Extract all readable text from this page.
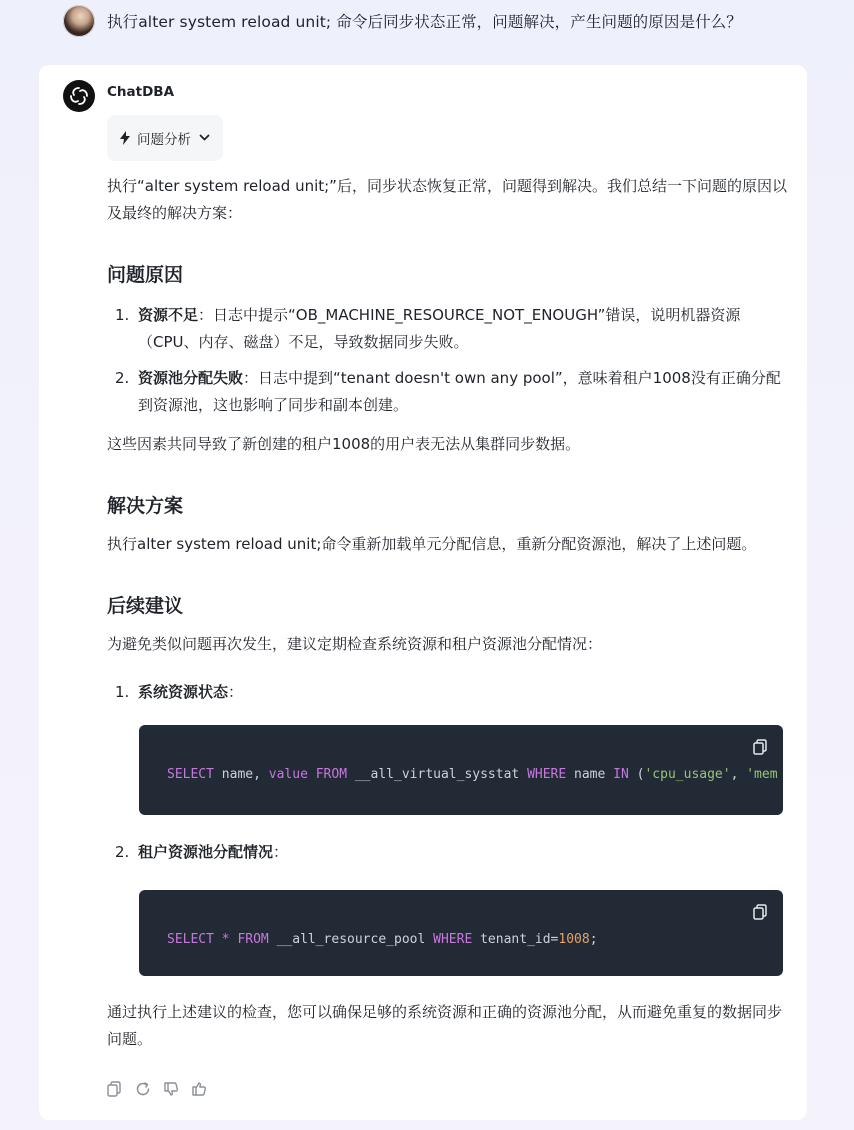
执行alter system reload unit; 命令后同步状态正常，问题解决，产生问题的原因是什么？
ChatDBA
问题分析

执行“alter system reload unit;”后，同步状态恢复正常，问题得到解决。我们总结一下问题的原因以及最终的解决方案：

问题原因
1. 资源不足：日志中提示“OB_MACHINE_RESOURCE_NOT_ENOUGH”错误，说明机器资源（CPU、内存、磁盘）不足，导致数据同步失败。
2. 资源池分配失败：日志中提到“tenant doesn't own any pool”，意味着租户1008没有正确分配到资源池，这也影响了同步和副本创建。

这些因素共同导致了新创建的租户1008的用户表无法从集群同步数据。

解决方案

执行alter system reload unit;命令重新加载单元分配信息，重新分配资源池，解决了上述问题。

后续建议

为避免类似问题再次发生，建议定期检查系统资源和租户资源池分配情况：

1. 系统资源状态：
SELECT name, value FROM __all_virtual_sysstat WHERE name IN ('cpu_usage', 'mem
2. 租户资源池分配情况：
SELECT * FROM __all_resource_pool WHERE tenant_id=1008;

通过执行上述建议的检查，您可以确保足够的系统资源和正确的资源池分配，从而避免重复的数据同步问题。
